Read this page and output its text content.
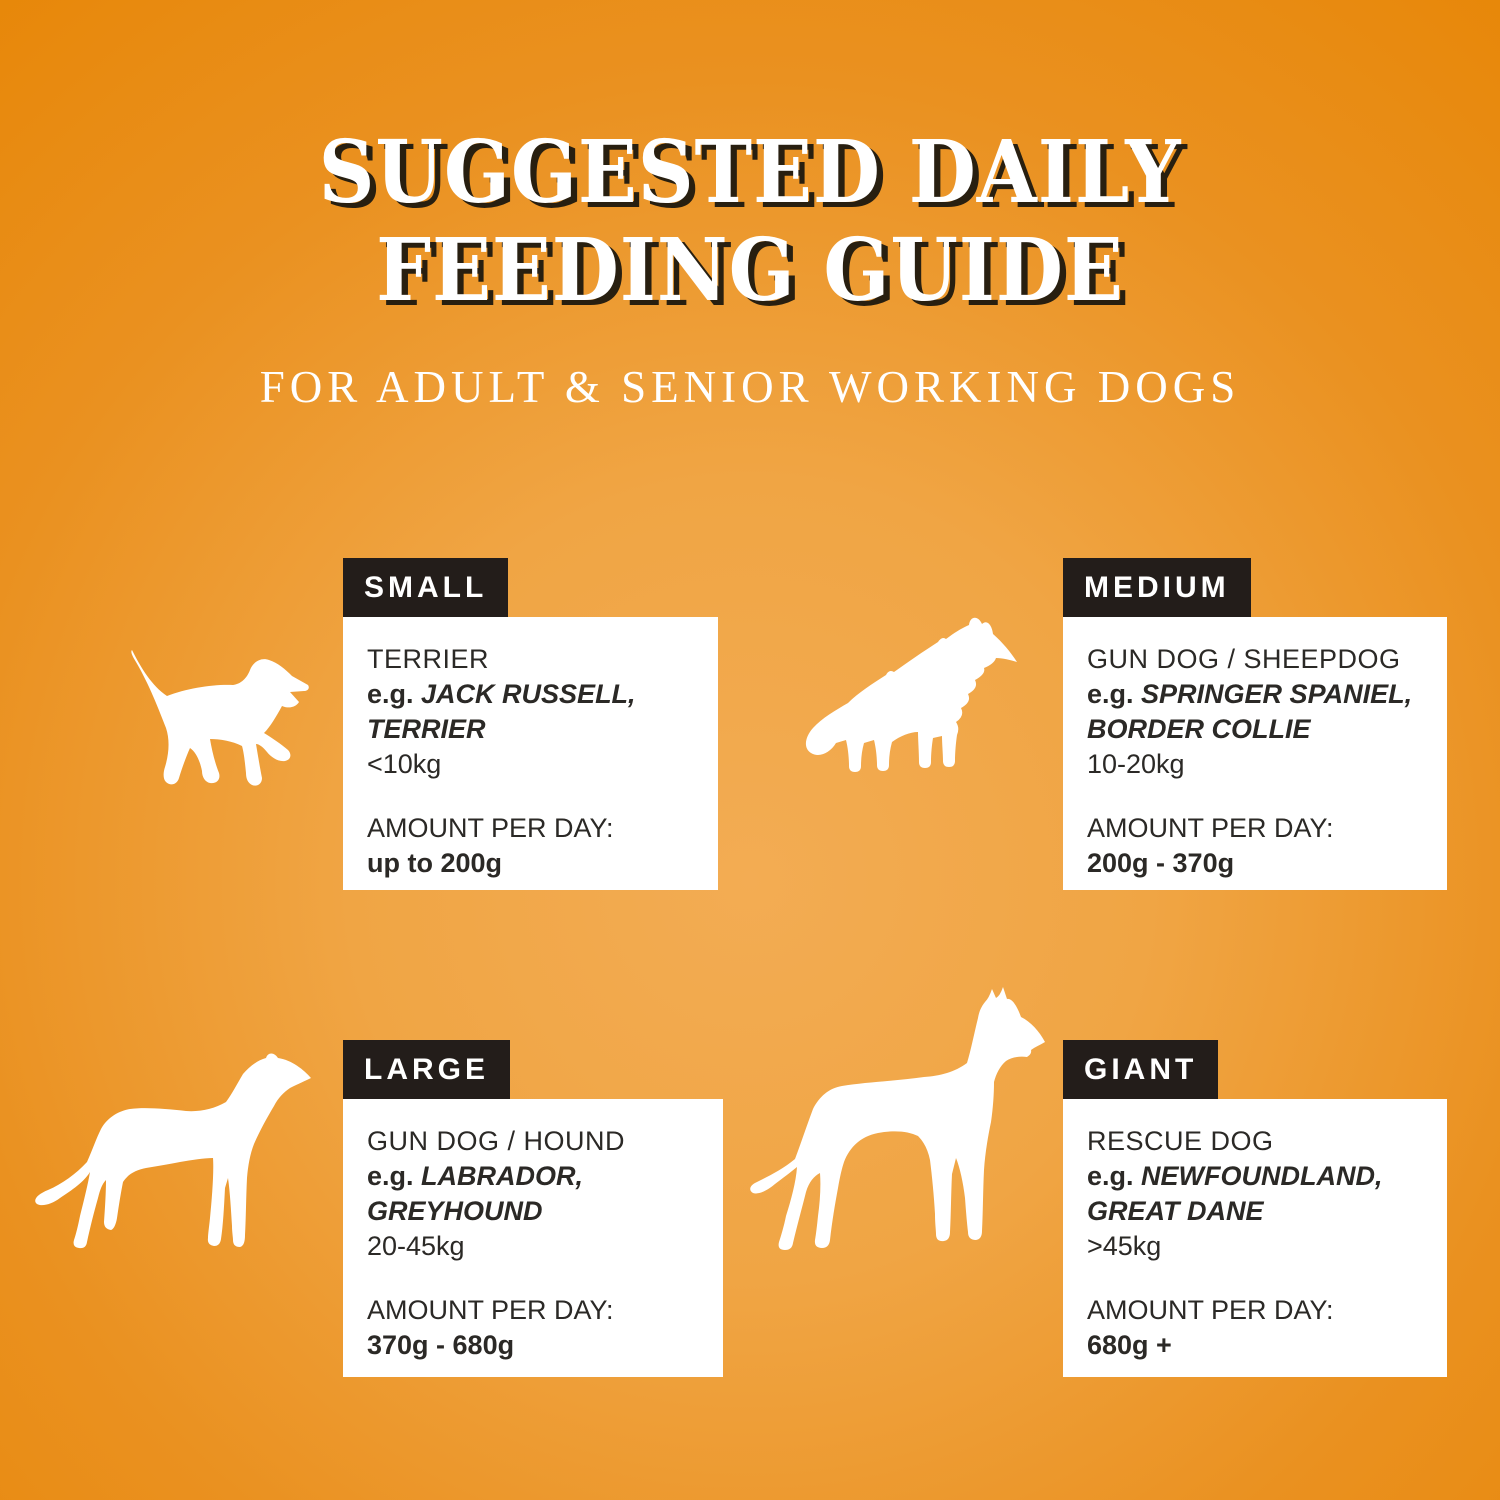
SUGGESTED DAILY
FEEDING GUIDE
FOR ADULT & SENIOR WORKING DOGS
SMALL
TERRIER
e.g. JACK RUSSELL,
TERRIER
<10kg
AMOUNT PER DAY:
up to 200g
MEDIUM
GUN DOG / SHEEPDOG
e.g. SPRINGER SPANIEL,
BORDER COLLIE
10-20kg
AMOUNT PER DAY:
200g - 370g
LARGE
GUN DOG / HOUND
e.g. LABRADOR,
GREYHOUND
20-45kg
AMOUNT PER DAY:
370g - 680g
GIANT
RESCUE DOG
e.g. NEWFOUNDLAND,
GREAT DANE
>45kg
AMOUNT PER DAY:
680g +
